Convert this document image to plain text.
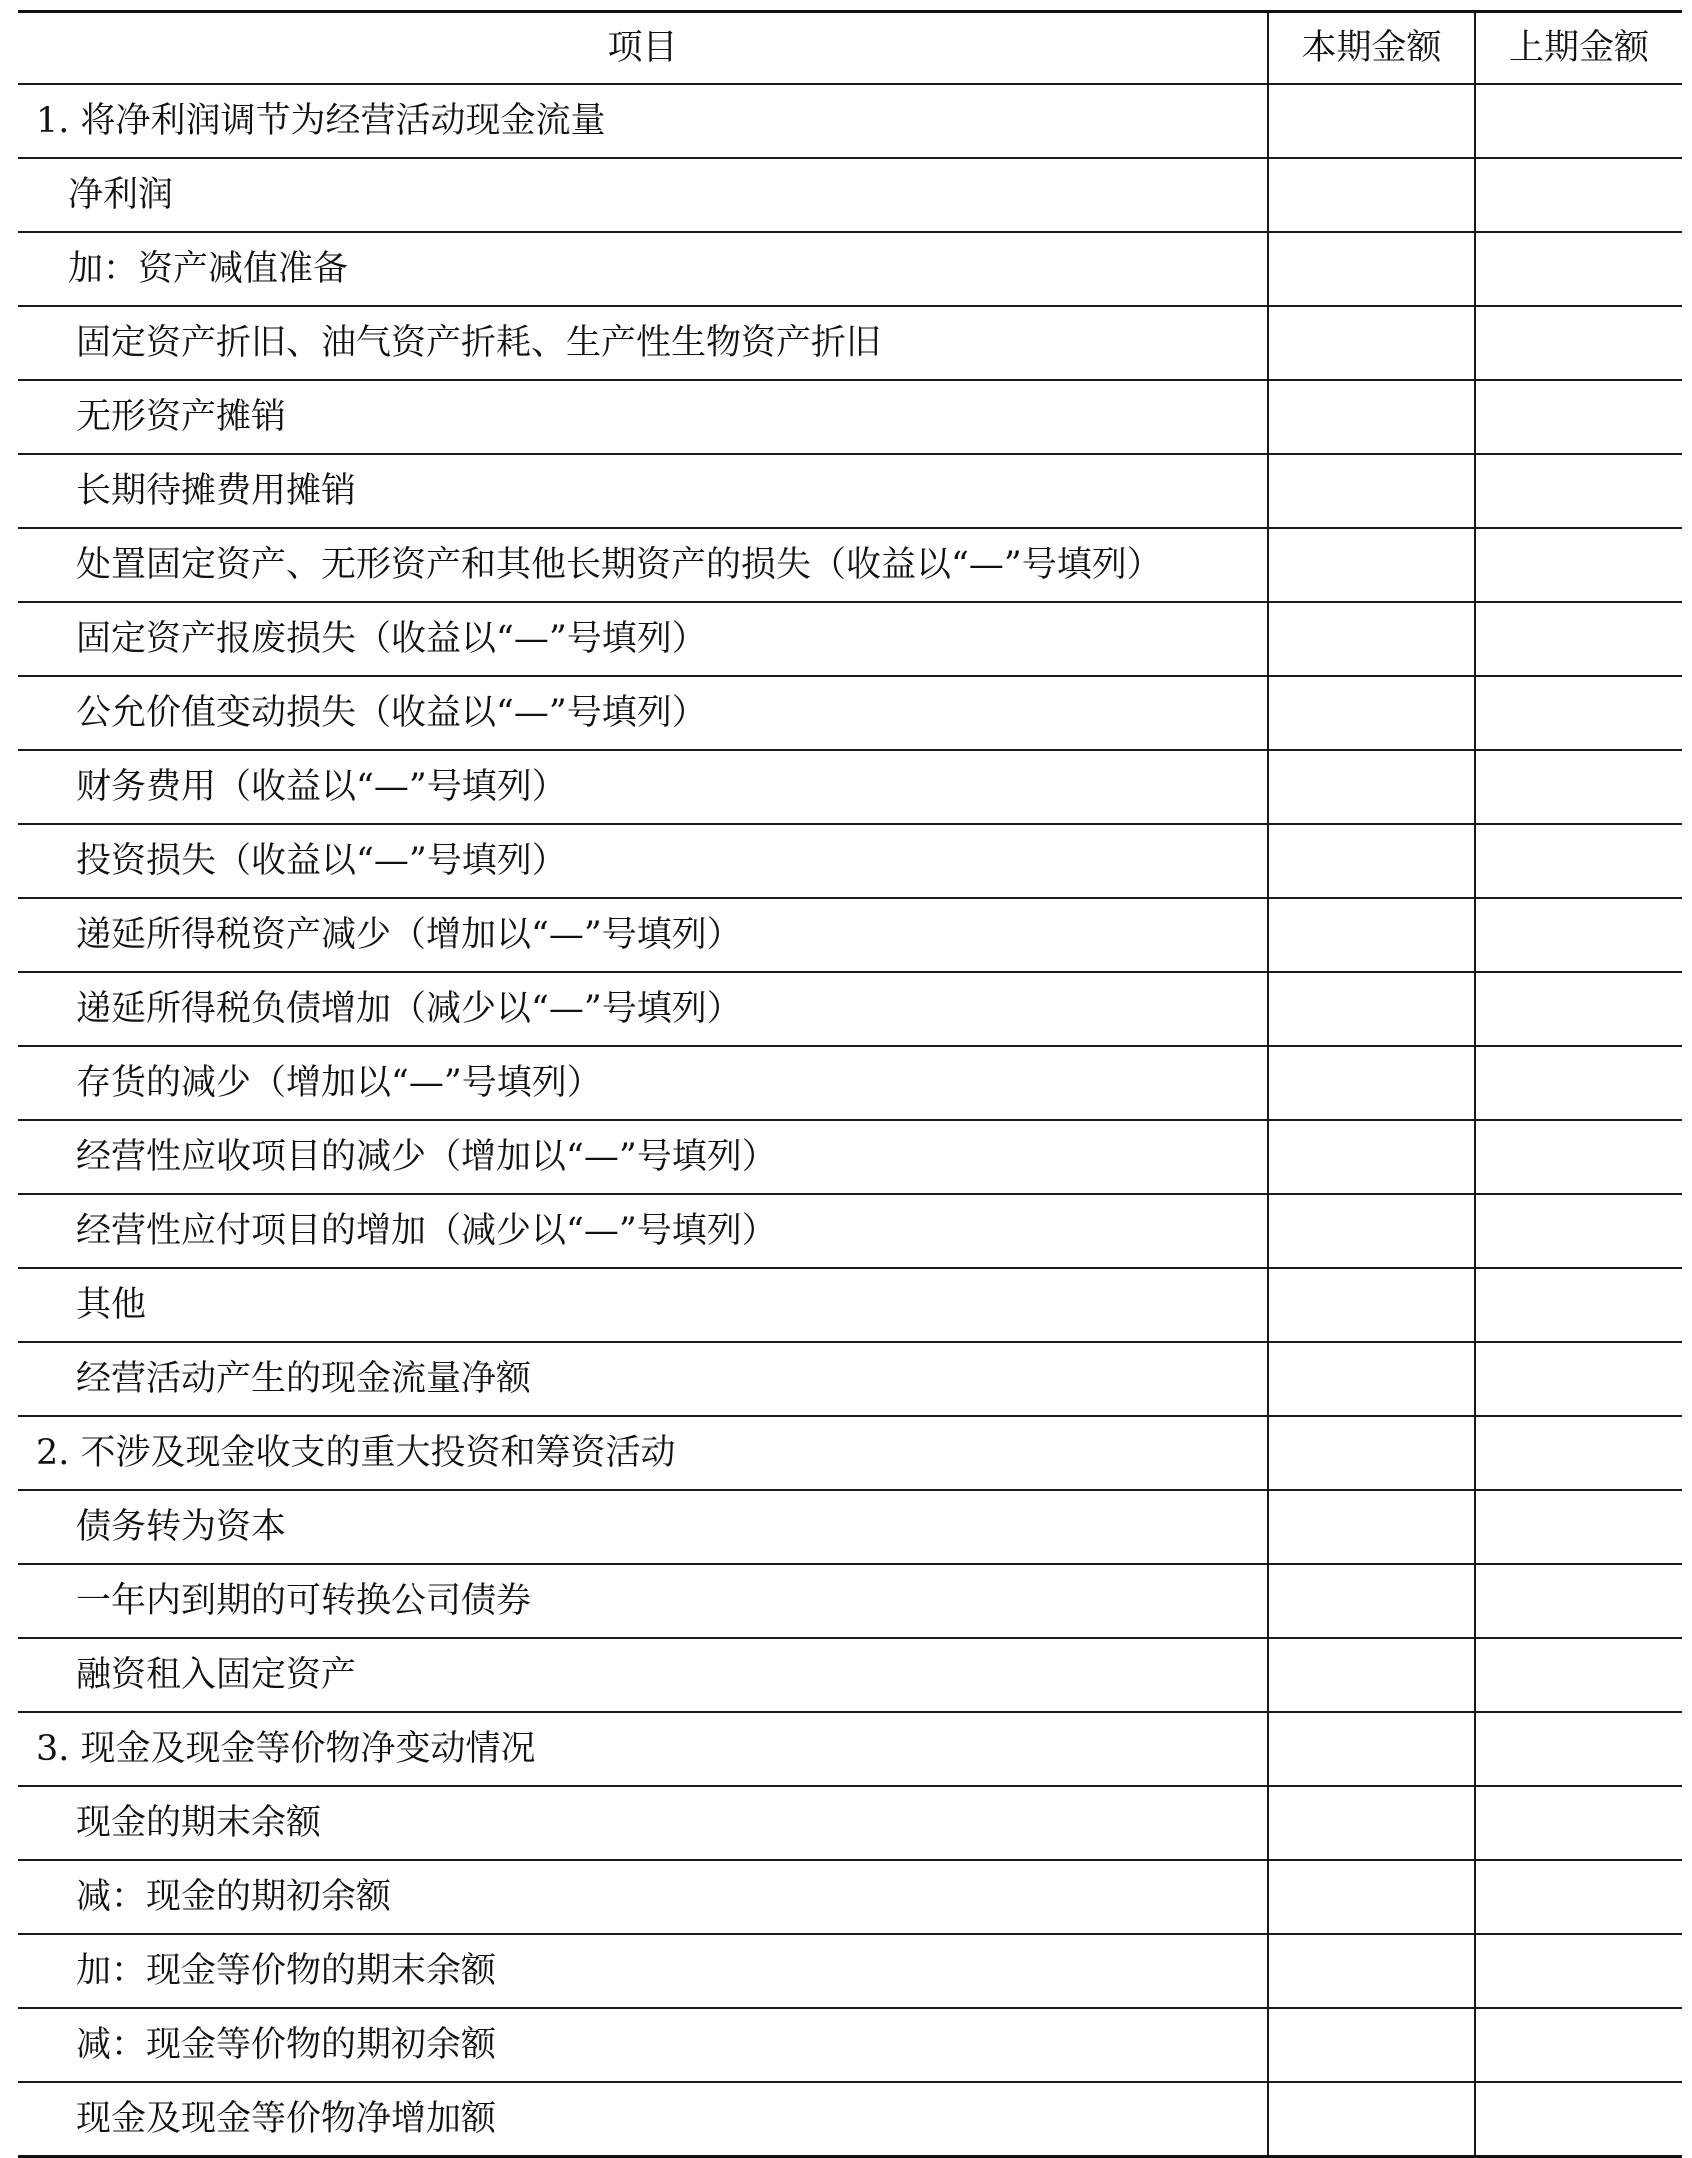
项目	本期金额	上期金额
1. 将净利润调节为经营活动现金流量		
净利润		
加：资产减值准备		
固定资产折旧、油气资产折耗、生产性生物资产折旧		
无形资产摊销		
长期待摊费用摊销		
处置固定资产、无形资产和其他长期资产的损失（收益以“—”号填列）		
固定资产报废损失（收益以“—”号填列）		
公允价值变动损失（收益以“—”号填列）		
财务费用（收益以“—”号填列）		
投资损失（收益以“—”号填列）		
递延所得税资产减少（增加以“—”号填列）		
递延所得税负债增加（减少以“—”号填列）		
存货的减少（增加以“—”号填列）		
经营性应收项目的减少（增加以“—”号填列）		
经营性应付项目的增加（减少以“—”号填列）		
其他		
经营活动产生的现金流量净额		
2. 不涉及现金收支的重大投资和筹资活动		
债务转为资本		
一年内到期的可转换公司债券		
融资租入固定资产		
3. 现金及现金等价物净变动情况		
现金的期末余额		
减：现金的期初余额		
加：现金等价物的期末余额		
减：现金等价物的期初余额		
现金及现金等价物净增加额		
